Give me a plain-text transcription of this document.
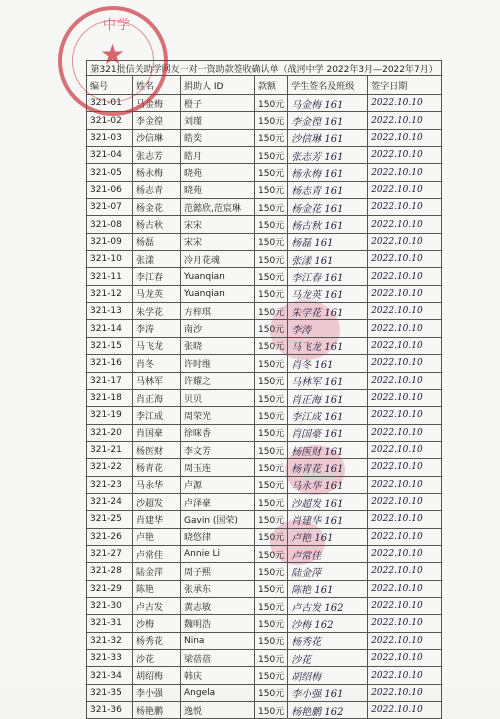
第321批信关助学网友一对一资助款签收确认单（战河中学 2022年3月—2022年7月）					
编号	姓名	捐助人 ID	款额	学生签名及班级	签字日期
321-01	马金梅	橙子	150元	马金梅 161	2022.10.10
321-02	李金徨	刘瑾	150元	李金徨 161	2022.10.10
321-03	沙信琳	皓奕	150元	沙信琳 161	2022.10.10
321-04	张志芳	皓月	150元	张志芳 161	2022.10.10
321-05	杨永梅	晓苑	150元	杨永梅 161	2022.10.10
321-06	杨志青	晓苑	150元	杨志青 161	2022.10.10
321-07	杨金花	范懿欣,范宸琳	150元	杨金花 161	2022.10.10
321-08	杨古秋	宋宋	150元	杨古秋 161	2022.10.10
321-09	杨磊	宋宋	150元	杨磊 161	2022.10.10
321-10	张漾	冷月花魂	150元	张漾 161	2022.10.10
321-11	李江春	Yuanqian	150元	李江春 161	2022.10.10
321-12	马龙英	Yuanqian	150元	马龙英 161	2022.10.10
321-13	朱学花	方梓琪	150元	朱学花 161	2022.10.10
321-14	李涛	南沙	150元	李涛	2022.10.10
321-15	马飞龙	张晓	150元	马飞龙 161	2022.10.10
321-16	肖冬	许时维	150元	肖冬 161	2022.10.10
321-17	马林军	许耀之	150元	马林军 161	2022.10.10
321-18	肖正海	贝贝	150元	肖正海 161	2022.10.10
321-19	李江成	周荣光	150元	李江成 161	2022.10.10
321-20	肖国豪	徐咪香	150元	肖国豪 161	2022.10.10
321-21	杨医财	李文芳	150元	杨医财 161	2022.10.10
321-22	杨青花	周玉连	150元	杨青花 161	2022.10.10
321-23	马永华	卢源	150元	马永华 161	2022.10.10
321-24	沙超发	卢泽豪	150元	沙超发 161	2022.10.10
321-25	肖建华	Gavin (国荣)	150元	肖建华 161	2022.10.10
321-26	卢艳	晓悠律	150元	卢艳 161	2022.10.10
321-27	卢常佳	Annie Li	150元	卢常佳	2022.10.10
321-28	陆金萍	周子熙	150元	陆金萍	2022.10.10
321-29	陈艳	张承东	150元	陈艳 161	2022.10.10
321-30	卢古发	黄志敏	150元	卢古发 162	2022.10.10
321-31	沙梅	魏明浩	150元	沙梅 162	2022.10.10
321-32	杨秀花	Nina	150元	杨秀花	2022.10.10
321-33	沙花	梁蓓蓓	150元	沙花	2022.10.10
321-34	胡绍梅	韩庆	150元	胡绍梅	2022.10.10
321-35	李小强	Angela	150元	李小强 161	2022.10.10
321-36	杨艳鹏	逸悦	150元	杨艳鹏 162	2022.10.10
中学
★
